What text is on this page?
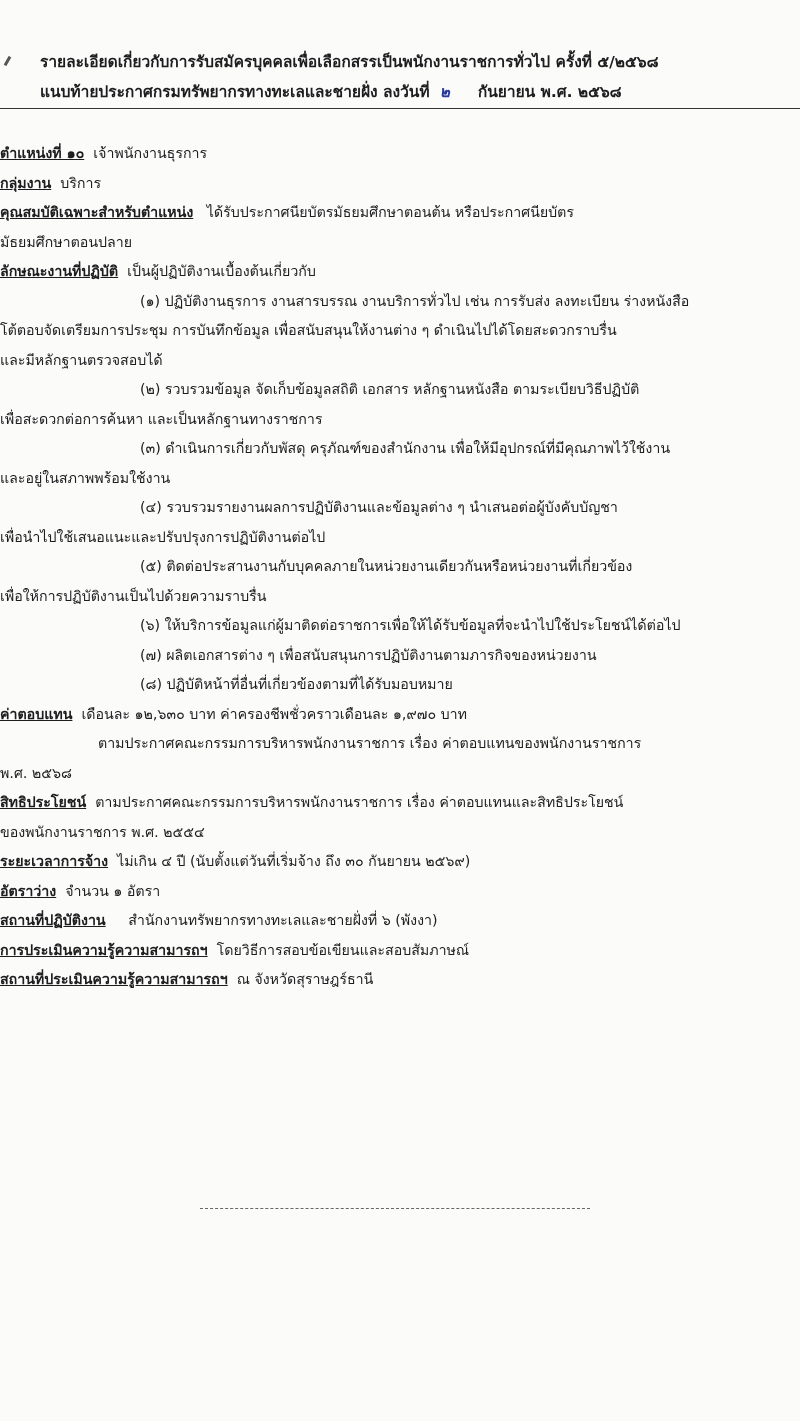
รายละเอียดเกี่ยวกับการรับสมัครบุคคลเพื่อเลือกสรรเป็นพนักงานราชการทั่วไป ครั้งที่ ๕/๒๕๖๘
แนบท้ายประกาศกรมทรัพยากรทางทะเลและชายฝั่ง ลงวันที่ ๒ กันยายน พ.ศ. ๒๕๖๘

ตำแหน่งที่ ๑๐ เจ้าพนักงานธุรการ

กลุ่มงาน บริการ

คุณสมบัติเฉพาะสำหรับตำแหน่ง ได้รับประกาศนียบัตรมัธยมศึกษาตอนต้น หรือประกาศนียบัตร

มัธยมศึกษาตอนปลาย

ลักษณะงานที่ปฏิบัติ เป็นผู้ปฏิบัติงานเบื้องต้นเกี่ยวกับ

(๑) ปฏิบัติงานธุรการ งานสารบรรณ งานบริการทั่วไป เช่น การรับส่ง ลงทะเบียน ร่างหนังสือ

โต้ตอบจัดเตรียมการประชุม การบันทึกข้อมูล เพื่อสนับสนุนให้งานต่าง ๆ ดำเนินไปได้โดยสะดวกราบรื่น

และมีหลักฐานตรวจสอบได้

(๒) รวบรวมข้อมูล จัดเก็บข้อมูลสถิติ เอกสาร หลักฐานหนังสือ ตามระเบียบวิธีปฏิบัติ

เพื่อสะดวกต่อการค้นหา และเป็นหลักฐานทางราชการ

(๓) ดำเนินการเกี่ยวกับพัสดุ ครุภัณฑ์ของสำนักงาน เพื่อให้มีอุปกรณ์ที่มีคุณภาพไว้ใช้งาน

และอยู่ในสภาพพร้อมใช้งาน

(๔) รวบรวมรายงานผลการปฏิบัติงานและข้อมูลต่าง ๆ นำเสนอต่อผู้บังคับบัญชา

เพื่อนำไปใช้เสนอแนะและปรับปรุงการปฏิบัติงานต่อไป

(๕) ติดต่อประสานงานกับบุคคลภายในหน่วยงานเดียวกันหรือหน่วยงานที่เกี่ยวข้อง

เพื่อให้การปฏิบัติงานเป็นไปด้วยความราบรื่น

(๖) ให้บริการข้อมูลแก่ผู้มาติดต่อราชการเพื่อให้ได้รับข้อมูลที่จะนำไปใช้ประโยชน์ได้ต่อไป

(๗) ผลิตเอกสารต่าง ๆ เพื่อสนับสนุนการปฏิบัติงานตามภารกิจของหน่วยงาน

(๘) ปฏิบัติหน้าที่อื่นที่เกี่ยวข้องตามที่ได้รับมอบหมาย

ค่าตอบแทน เดือนละ ๑๒,๖๓๐ บาท ค่าครองชีพชั่วคราวเดือนละ ๑,๙๗๐ บาท

ตามประกาศคณะกรรมการบริหารพนักงานราชการ เรื่อง ค่าตอบแทนของพนักงานราชการ

พ.ศ. ๒๕๖๘

สิทธิประโยชน์ ตามประกาศคณะกรรมการบริหารพนักงานราชการ เรื่อง ค่าตอบแทนและสิทธิประโยชน์

ของพนักงานราชการ พ.ศ. ๒๕๕๔

ระยะเวลาการจ้าง ไม่เกิน ๔ ปี (นับตั้งแต่วันที่เริ่มจ้าง ถึง ๓๐ กันยายน ๒๕๖๙)

อัตราว่าง จำนวน ๑ อัตรา

สถานที่ปฏิบัติงาน สำนักงานทรัพยากรทางทะเลและชายฝั่งที่ ๖ (พังงา)

การประเมินความรู้ความสามารถฯ โดยวิธีการสอบข้อเขียนและสอบสัมภาษณ์

สถานที่ประเมินความรู้ความสามารถฯ ณ จังหวัดสุราษฎร์ธานี
